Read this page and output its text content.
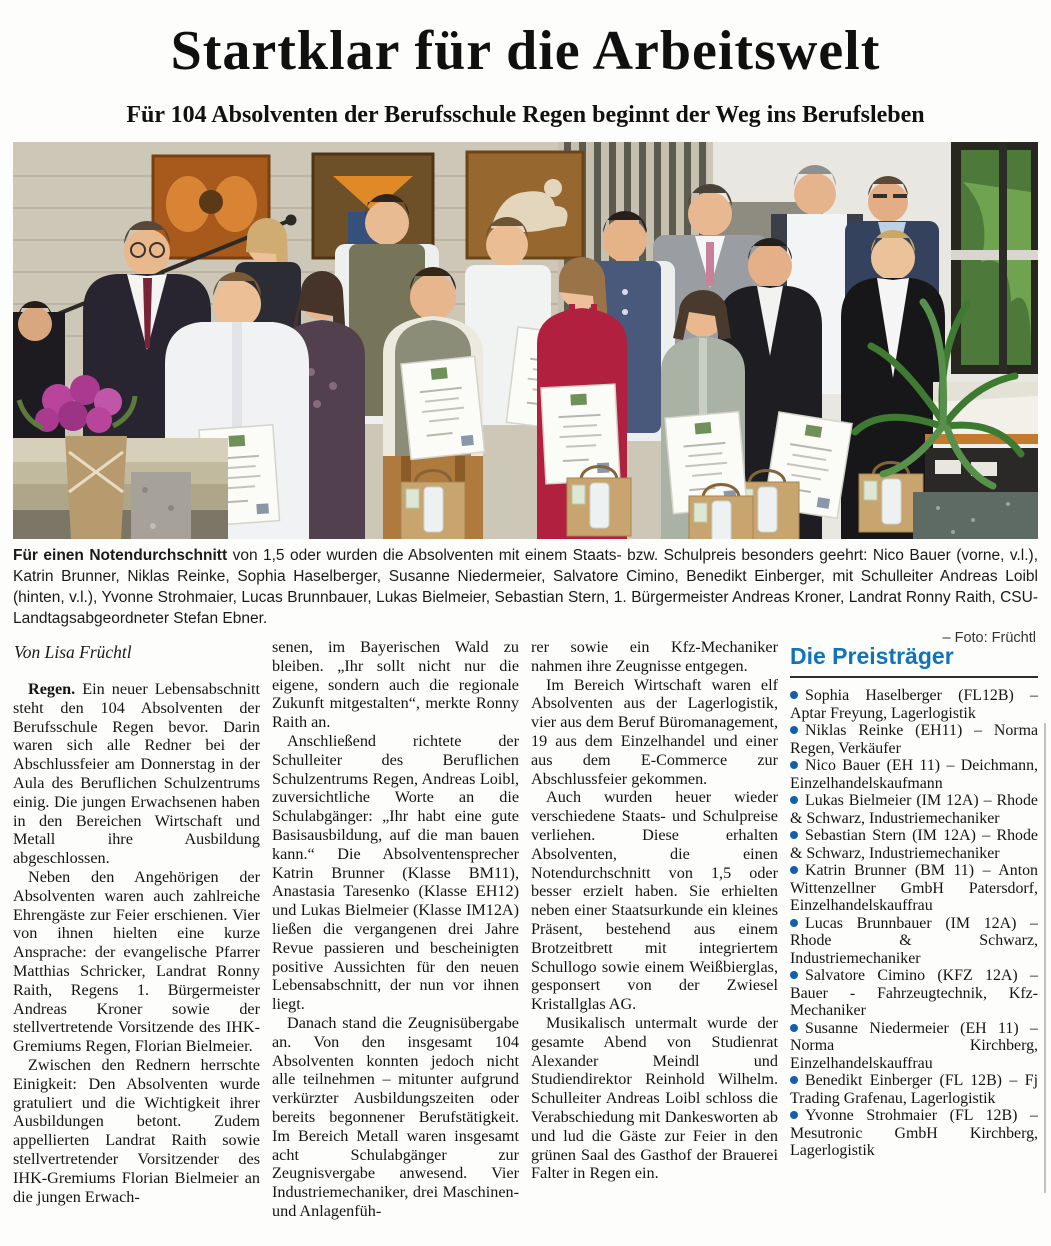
Startklar für die Arbeitswelt

Für 104 Absolventen der Berufsschule Regen beginnt der Weg ins Berufsleben

Für einen Notendurchschnitt von 1,5 oder wurden die Absolventen mit einem Staats- bzw. Schulpreis besonders geehrt: Nico Bauer (vorne, v.l.), Katrin Brunner, Niklas Reinke, Sophia Haselberger, Susanne Niedermeier, Salvatore Cimino, Benedikt Einberger, mit Schulleiter Andreas Loibl (hinten, v.l.), Yvonne Strohmaier, Lucas Brunnbauer, Lukas Bielmeier, Sebastian Stern, 1. Bürgermeister Andreas Kroner, Landrat Ronny Raith, CSU-Landtagsabgeordneter Stefan Ebner.
– Foto: Früchtl

Von Lisa Früchtl

Regen. Ein neuer Lebensabschnitt steht den 104 Absolventen der Berufsschule Regen bevor. Darin waren sich alle Redner bei der Abschlussfeier am Donnerstag in der Aula des Beruflichen Schulzentrums einig. Die jungen Erwachsenen haben in den Bereichen Wirtschaft und Metall ihre Ausbildung abgeschlossen.

Neben den Angehörigen der Absolventen waren auch zahlreiche Ehrengäste zur Feier erschienen. Vier von ihnen hielten eine kurze Ansprache: der evangelische Pfarrer Matthias Schricker, Landrat Ronny Raith, Regens 1. Bürgermeister Andreas Kroner sowie der stellvertretende Vorsitzende des IHK-Gremiums Regen, Florian Bielmeier.

Zwischen den Rednern herrschte Einigkeit: Den Absolventen wurde gratuliert und die Wichtigkeit ihrer Ausbildungen betont. Zudem appellierten Landrat Raith sowie stellvertretender Vorsitzender des IHK-Gremiums Florian Bielmeier an die jungen Erwach-

senen, im Bayerischen Wald zu bleiben. „Ihr sollt nicht nur die eigene, sondern auch die regionale Zukunft mitgestalten“, merkte Ronny Raith an.

Anschließend richtete der Schulleiter des Beruflichen Schulzentrums Regen, Andreas Loibl, zuversichtliche Worte an die Schulabgänger: „Ihr habt eine gute Basisausbildung, auf die man bauen kann.“ Die Absolventensprecher Katrin Brunner (Klasse BM11), Anastasia Taresenko (Klasse EH12) und Lukas Bielmeier (Klasse IM12A) ließen die vergangenen drei Jahre Revue passieren und bescheinigten positive Aussichten für den neuen Lebensabschnitt, der nun vor ihnen liegt.

Danach stand die Zeugnisübergabe an. Von den insgesamt 104 Absolventen konnten jedoch nicht alle teilnehmen – mitunter aufgrund verkürzter Ausbildungszeiten oder bereits begonnener Berufstätigkeit. Im Bereich Metall waren insgesamt acht Schulabgänger zur Zeugnisvergabe anwesend. Vier Industriemechaniker, drei Maschinen- und Anlagenfüh-

rer sowie ein Kfz-Mechaniker nahmen ihre Zeugnisse entgegen.

Im Bereich Wirtschaft waren elf Absolventen aus der Lagerlogistik, vier aus dem Beruf Büromanagement, 19 aus dem Einzelhandel und einer aus dem E-Commerce zur Abschlussfeier gekommen.

Auch wurden heuer wieder verschiedene Staats- und Schulpreise verliehen. Diese erhalten Absolventen, die einen Notendurchschnitt von 1,5 oder besser erzielt haben. Sie erhielten neben einer Staatsurkunde ein kleines Präsent, bestehend aus einem Brotzeitbrett mit integriertem Schullogo sowie einem Weißbierglas, gesponsert von der Zwiesel Kristallglas AG.

Musikalisch untermalt wurde der gesamte Abend von Studienrat Alexander Meindl und Studiendirektor Reinhold Wilhelm. Schulleiter Andreas Loibl schloss die Verabschiedung mit Dankesworten ab und lud die Gäste zur Feier in den grünen Saal des Gasthof der Brauerei Falter in Regen ein.

Die Preisträger

Sophia Haselberger (FL12B) – Aptar Freyung, Lagerlogistik

Niklas Reinke (EH11) – Norma Regen, Verkäufer

Nico Bauer (EH 11) – Deichmann, Einzelhandelskaufmann

Lukas Bielmeier (IM 12A) – Rhode & Schwarz, Industriemechaniker

Sebastian Stern (IM 12A) – Rhode & Schwarz, Industriemechaniker

Katrin Brunner (BM 11) – Anton Wittenzellner GmbH Patersdorf, Einzelhandelskauffrau

Lucas Brunnbauer (IM 12A) – Rhode & Schwarz, Industriemechaniker

Salvatore Cimino (KFZ 12A) – Bauer - Fahrzeugtechnik, Kfz-Mechaniker

Susanne Niedermeier (EH 11) – Norma Kirchberg, Einzelhandelskauffrau

Benedikt Einberger (FL 12B) – Fj Trading Grafenau, Lagerlogistik

Yvonne Strohmaier (FL 12B) – Mesutronic GmbH Kirchberg, Lagerlogistik
